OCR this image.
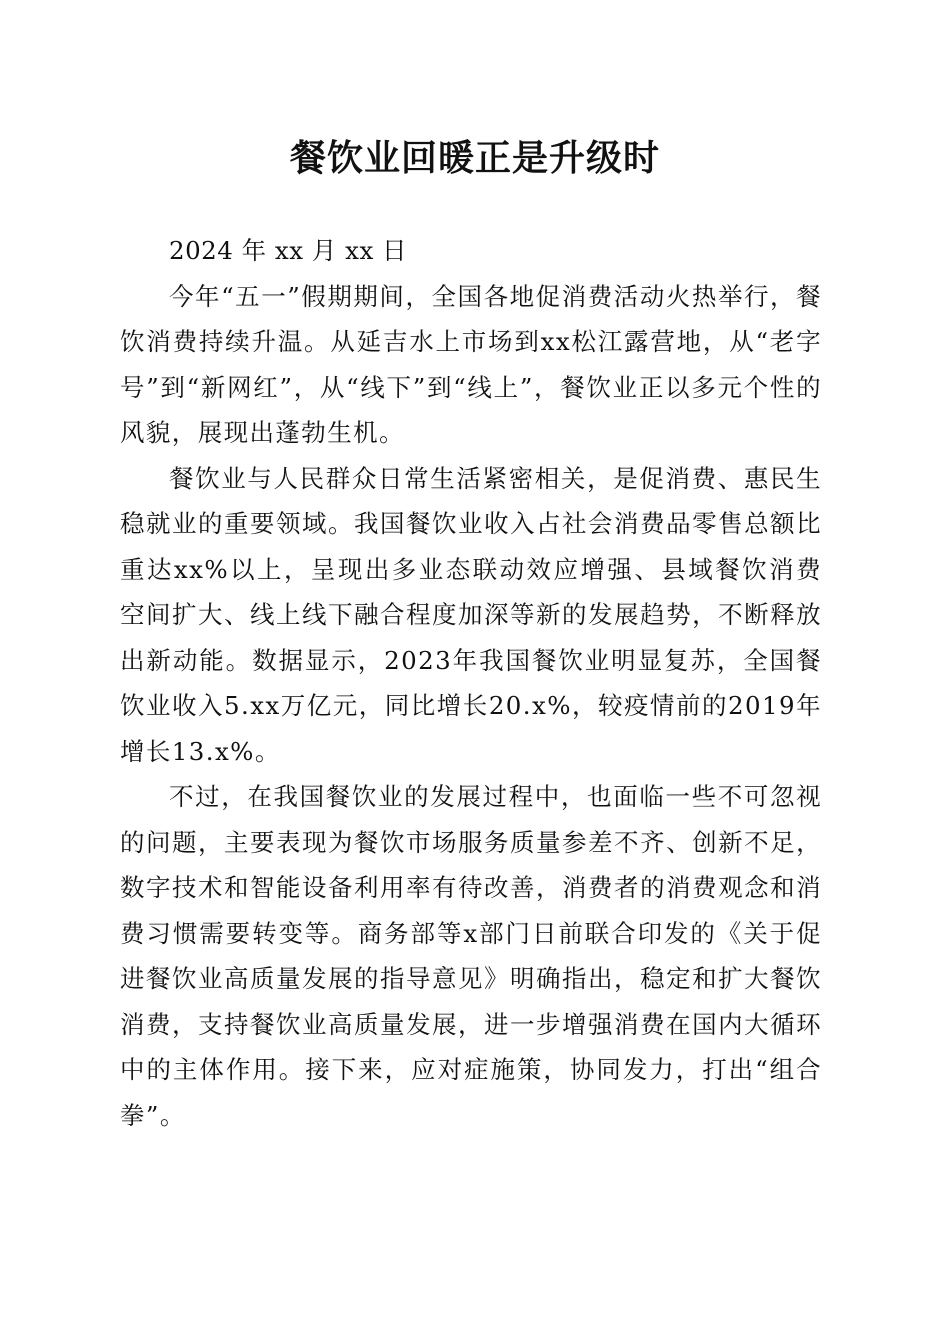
餐饮业回暖正是升级时

2024 年 xx 月 xx 日

今年“五一”假期期间，全国各地促消费活动火热举行，餐饮消费持续升温。从延吉水上市场到xx松江露营地，从“老字号”到“新网红”，从“线下”到“线上”，餐饮业正以多元个性的风貌，展现出蓬勃生机。

餐饮业与人民群众日常生活紧密相关，是促消费、惠民生稳就业的重要领域。我国餐饮业收入占社会消费品零售总额比重达xx%以上，呈现出多业态联动效应增强、县域餐饮消费空间扩大、线上线下融合程度加深等新的发展趋势，不断释放出新动能。数据显示，2023年我国餐饮业明显复苏，全国餐饮业收入5.xx万亿元，同比增长20.x%，较疫情前的2019年增长13.x%。

不过，在我国餐饮业的发展过程中，也面临一些不可忽视的问题，主要表现为餐饮市场服务质量参差不齐、创新不足，数字技术和智能设备利用率有待改善，消费者的消费观念和消费习惯需要转变等。商务部等x部门日前联合印发的《关于促进餐饮业高质量发展的指导意见》明确指出，稳定和扩大餐饮消费，支持餐饮业高质量发展，进一步增强消费在国内大循环中的主体作用。接下来，应对症施策，协同发力，打出“组合拳”。
